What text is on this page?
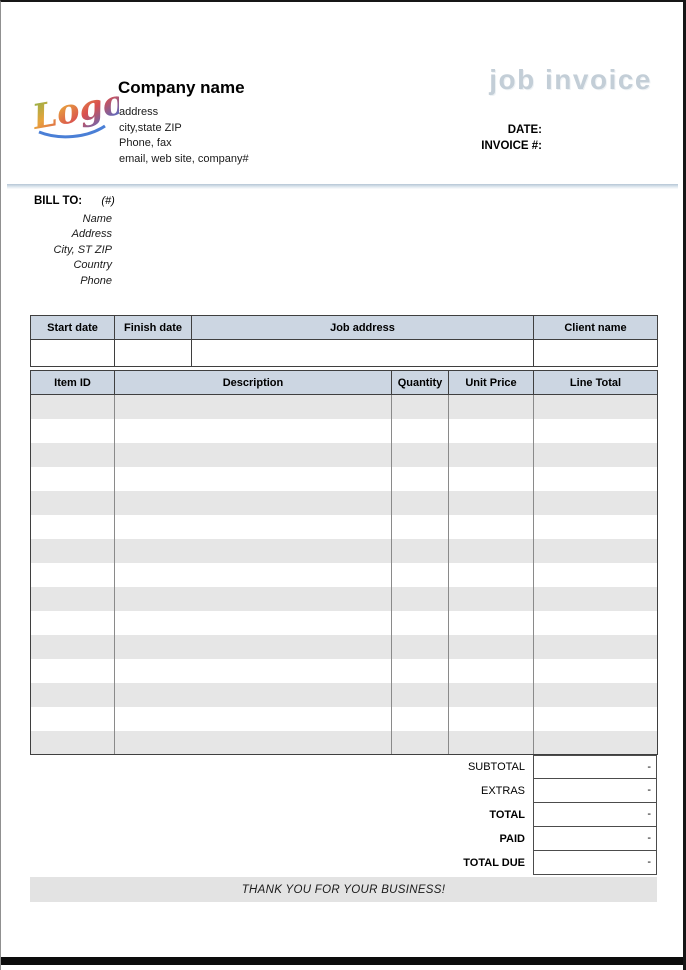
Logo
Company name
address
city,state ZIP
Phone, fax
email, web site, company#
job invoice
DATE:
INVOICE #:
BILL TO: (#)
Name
Address
City, ST ZIP
Country
Phone
Start date	Finish date	Job address	Client name

Item ID	Description	Quantity	Unit Price	Line Total

SUBTOTAL	-
EXTRAS	-
TOTAL	-
PAID	-
TOTAL DUE	-
THANK YOU FOR YOUR BUSINESS!
